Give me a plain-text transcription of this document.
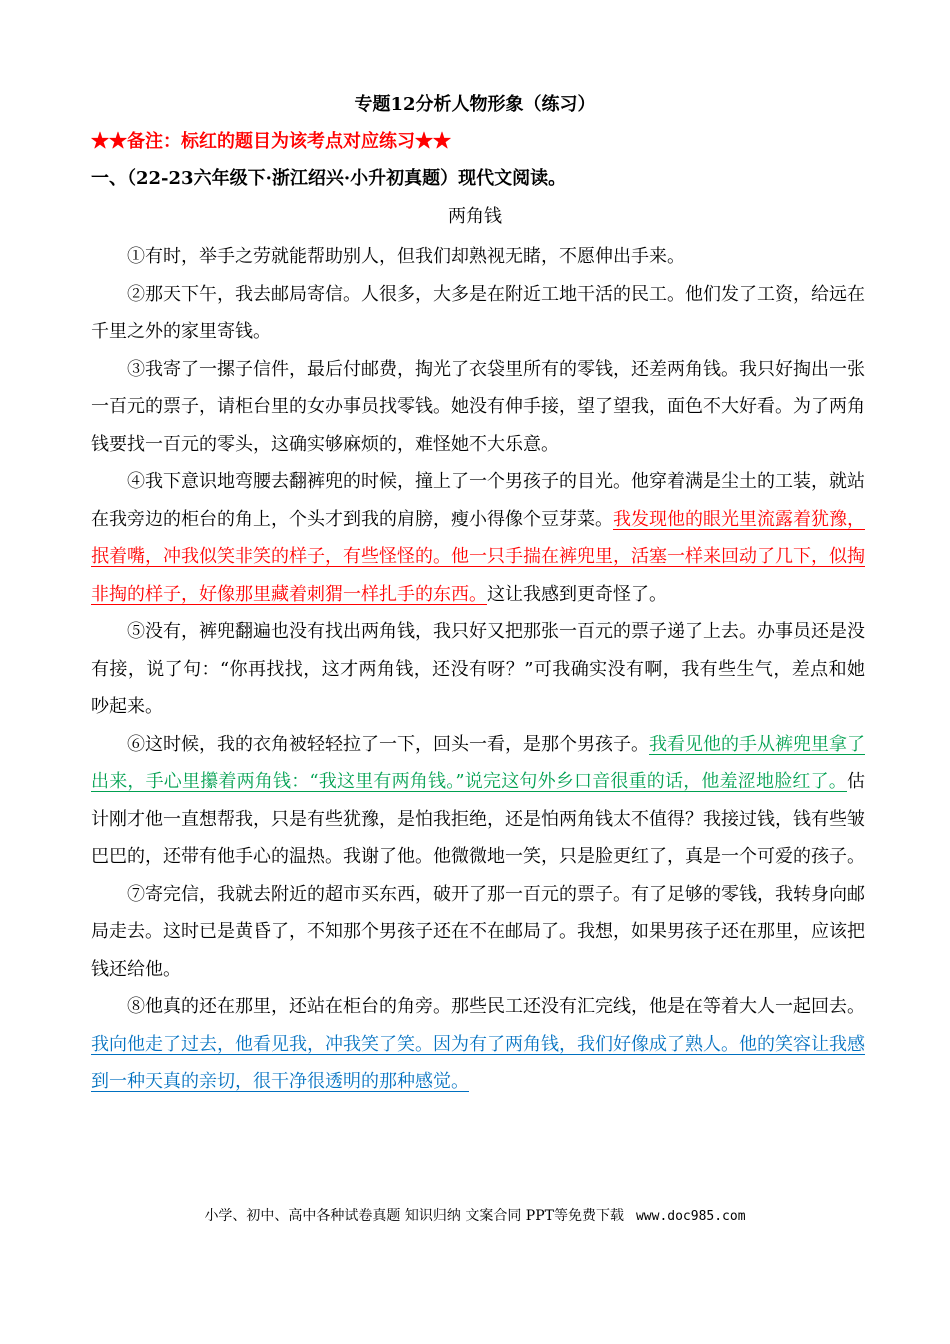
专题12分析人物形象（练习）
★★备注：标红的题目为该考点对应练习★★
一、（22-23六年级下·浙江绍兴·小升初真题）现代文阅读。
两角钱

①有时，举手之劳就能帮助别人，但我们却熟视无睹，不愿伸出手来。

②那天下午，我去邮局寄信。人很多，大多是在附近工地干活的民工。他们发了工资，给远在千里之外的家里寄钱。

③我寄了一摞子信件，最后付邮费，掏光了衣袋里所有的零钱，还差两角钱。我只好掏出一张一百元的票子，请柜台里的女办事员找零钱。她没有伸手接，望了望我，面色不大好看。为了两角钱要找一百元的零头，这确实够麻烦的，难怪她不大乐意。

④我下意识地弯腰去翻裤兜的时候，撞上了一个男孩子的目光。他穿着满是尘土的工装，就站在我旁边的柜台的角上，个头才到我的肩膀，瘦小得像个豆芽菜。我发现他的眼光里流露着犹豫，抿着嘴，冲我似笑非笑的样子，有些怪怪的。他一只手揣在裤兜里，活塞一样来回动了几下，似掏非掏的样子，好像那里藏着刺猬一样扎手的东西。这让我感到更奇怪了。

⑤没有，裤兜翻遍也没有找出两角钱，我只好又把那张一百元的票子递了上去。办事员还是没有接，说了句：“你再找找，这才两角钱，还没有呀？”可我确实没有啊，我有些生气，差点和她吵起来。

⑥这时候，我的衣角被轻轻拉了一下，回头一看，是那个男孩子。我看见他的手从裤兜里拿了出来，手心里攥着两角钱：“我这里有两角钱。”说完这句外乡口音很重的话，他羞涩地脸红了。估计刚才他一直想帮我，只是有些犹豫，是怕我拒绝，还是怕两角钱太不值得？我接过钱，钱有些皱巴巴的，还带有他手心的温热。我谢了他。他微微地一笑，只是脸更红了，真是一个可爱的孩子。

⑦寄完信，我就去附近的超市买东西，破开了那一百元的票子。有了足够的零钱，我转身向邮局走去。这时已是黄昏了，不知那个男孩子还在不在邮局了。我想，如果男孩子还在那里，应该把钱还给他。

⑧他真的还在那里，还站在柜台的角旁。那些民工还没有汇完线，他是在等着大人一起回去。我向他走了过去，他看见我，冲我笑了笑。因为有了两角钱，我们好像成了熟人。他的笑容让我感到一种天真的亲切，很干净很透明的那种感觉。

小学、初中、高中各种试卷真题 知识归纳 文案合同 PPT等免费下载 www.doc985.com
